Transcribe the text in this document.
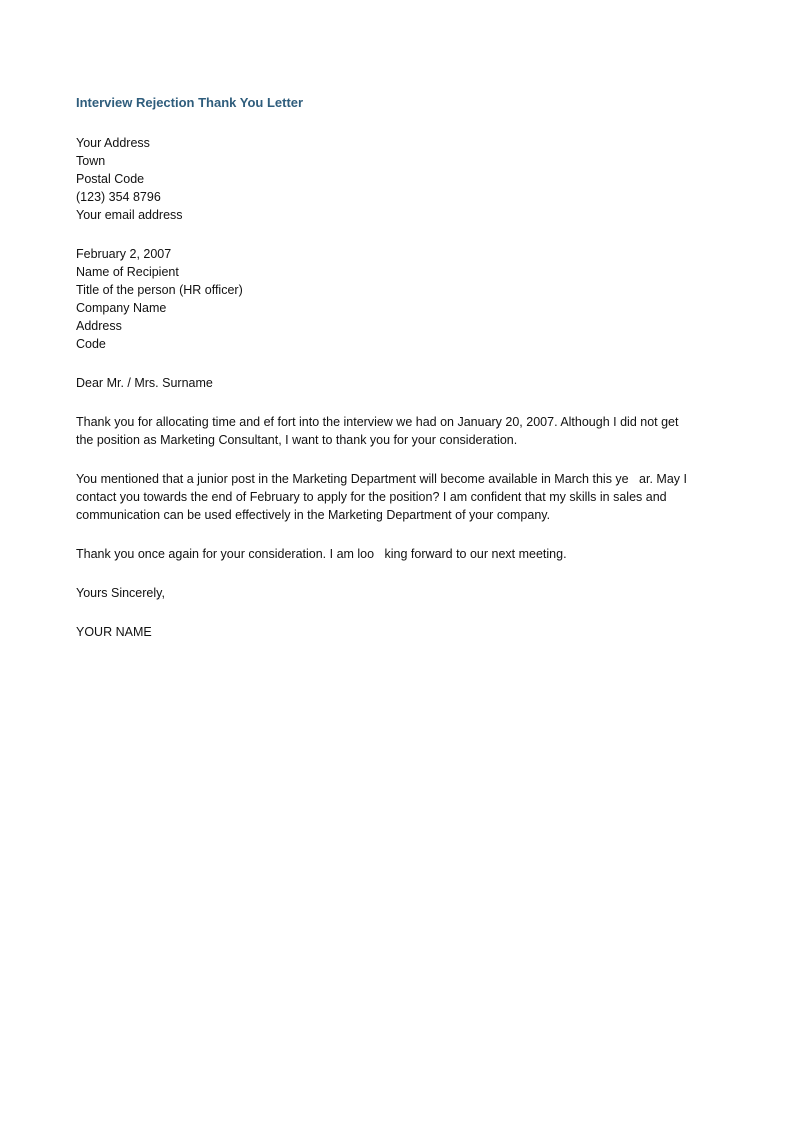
Interview Rejection Thank You Letter
Your Address
Town
Postal Code
(123) 354 8796
Your email address
February 2, 2007
Name of Recipient
Title of the person (HR officer)
Company Name
Address
Code
Dear Mr. / Mrs. Surname
Thank you for allocating time and ef fort into the interview we had on January 20, 2007. Although I did not get
the position as Marketing Consultant, I want to thank you for your consideration.
You mentioned that a junior post in the Marketing Department will become available in March this ye   ar. May I
contact you towards the end of February to apply for the position? I am confident that my skills in sales and
communication can be used effectively in the Marketing Department of your company.
Thank you once again for your consideration. I am loo   king forward to our next meeting.
Yours Sincerely,
YOUR NAME
